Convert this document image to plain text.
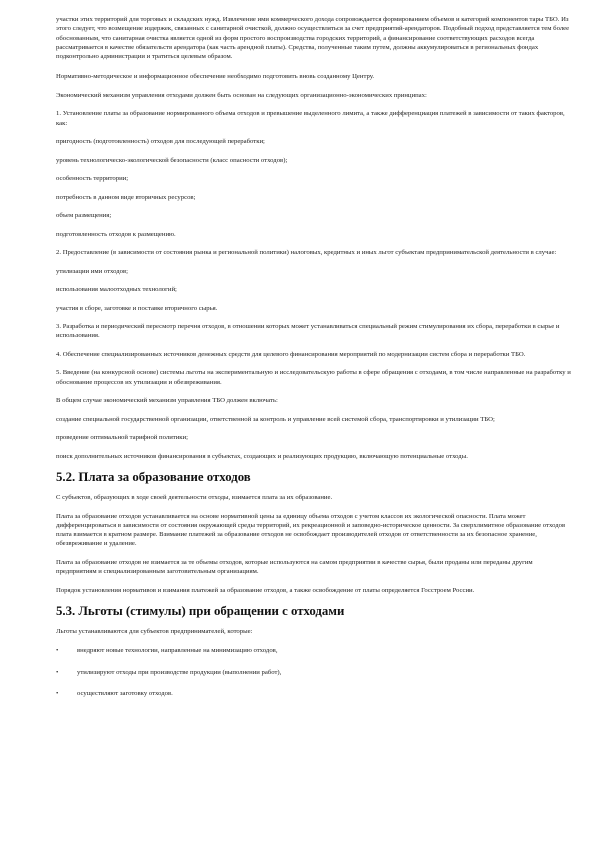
участки этих территорий для торговых и складских нужд. Извлечение ими коммерческого дохода сопровождается формированием объемов и категорий компонентов тары ТБО. Из этого следует, что возмещение издержек, связанных с санитарной очисткой, должно осуществляться за счет предприятий-арендаторов. Подобный подход представляется тем более обоснованным, что санитарная очистка является одной из форм простого воспроизводства городских территорий, а финансирование соответствующих расходов всегда рассматривается в качестве обязательств арендатора (как часть арендной платы). Средства, полученные таким путем, должны аккумулироваться в региональных фондах подконтрольно администрации и тратиться целевым образом.

Нормативно-методическое и информационное обеспечение необходимо подготовить вновь созданному Центру.

Экономический механизм управления отходами должен быть основан на следующих организационно-экономических принципах:

1. Установление платы за образование нормированного объема отходов и превышение выделенного лимита, а также дифференциация платежей в зависимости от таких факторов, как:

пригодность (подготовленность) отходов для последующей переработки;

уровень технологическо-экологической безопасности (класс опасности отходов);

особенность территории;

потребность в данном виде вторичных ресурсов;

объем размещения;

подготовленность отходов к размещению.

2. Предоставление (в зависимости от состояния рынка и региональной политики) налоговых, кредитных и иных льгот субъектам предпринимательской деятельности в случае:

утилизации ими отходов;

использования малоотходных технологий;

участия в сборе, заготовке и поставке вторичного сырья.

3. Разработка и периодический пересмотр перечня отходов, в отношении которых может устанавливаться специальный режим стимулирования их сбора, переработки в сырье и использования.

4. Обеспечение специализированных источников денежных средств для целевого финансирования мероприятий по модернизации систем сбора и переработки ТБО.

5. Введение (на конкурсной основе) системы льготы на экспериментальную и исследовательскую работы в сфере обращения с отходами, в том числе направленные на разработку и обоснование процессов их утилизации и обезвреживания.

В общем случае экономический механизм управления ТБО должен включать:

создание специальной государственной организации, ответственной за контроль и управление всей системой сбора, транспортировки и утилизации ТБО;

проведение оптимальной тарифной политики;

поиск дополнительных источников финансирования в субъектах, создающих и реализующих продукцию, включающую потенциальные отходы.

5.2. Плата за образование отходов

С субъектов, образующих в ходе своей деятельности отходы, взимается плата за их образование.

Плата за образование отходов устанавливается на основе нормативной цены за единицу объема отходов с учетом классов их экологической опасности. Плата может дифференцироваться в зависимости от состояния окружающей среды территорий, их рекреационной и заповедно-историческое ценности. За сверхлимитное образование отходов плата взимается в кратном размере. Взимание платежей за образование отходов не освобождает производителей отходов от ответственности за их безопасное хранение, обезвреживание и удаление.

Плата за образование отходов не взимается за те объемы отходов, которые используются на самом предприятии в качестве сырья, были проданы или переданы другим предприятиям и специализированным заготовительным организациям.

Порядок установления нормативов и взимания платежей за образование отходов, а также освобождение от платы определяется Госстроем России.

5.3. Льготы (стимулы) при обращении с отходами

Льготы устанавливаются для субъектов предпринимателей, которые:

•	внедряют новые технологии, направленные на минимизацию отходов,
•	утилизируют отходы при производстве продукции (выполнении работ),
•	осуществляют заготовку отходов.
